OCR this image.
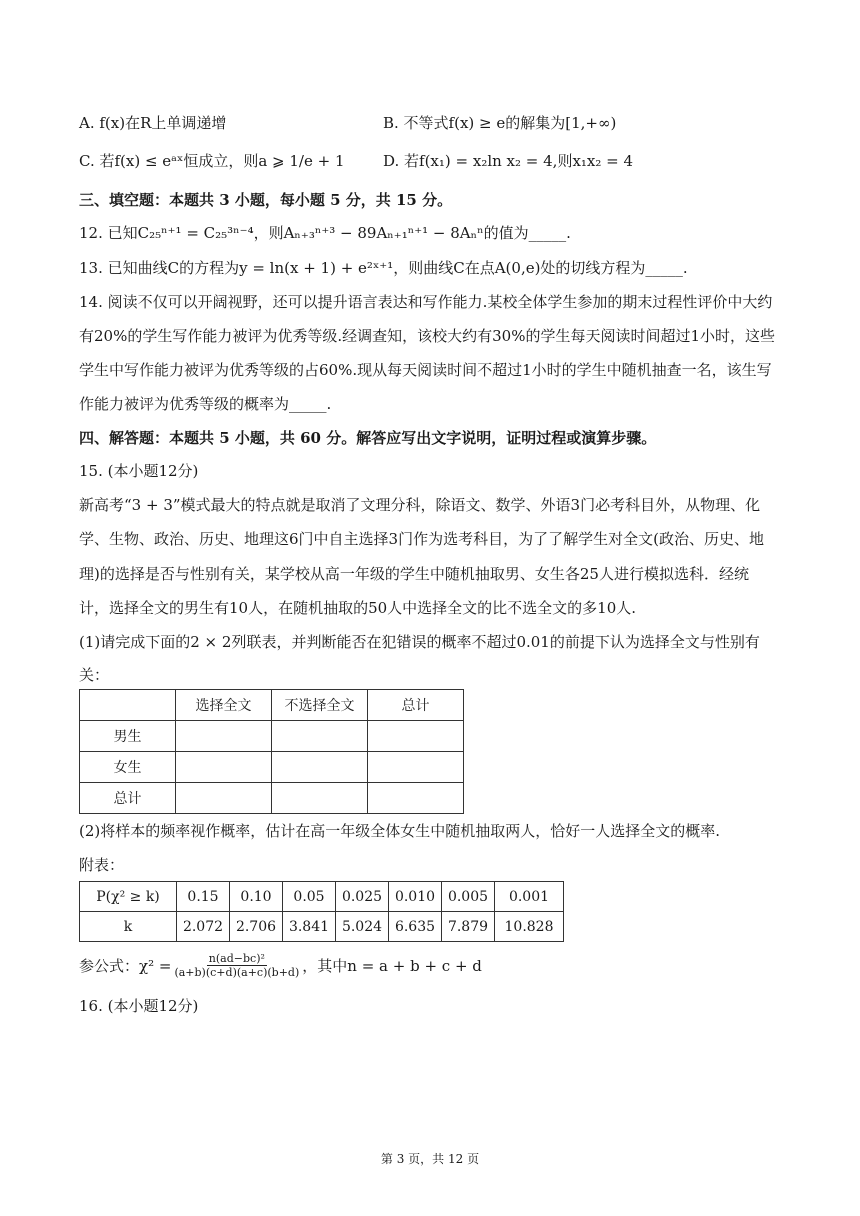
A. f(x)在R上单调递增	B. 不等式f(x) ≥ e的解集为[1,+∞)
C. 若f(x) ≤ eᵃˣ恒成立，则a ⩾ 1/e + 1	D. 若f(x₁) = x₂ln x₂ = 4,则x₁x₂ = 4
三、填空题：本题共 3 小题，每小题 5 分，共 15 分。
12. 已知C₂₅ⁿ⁺¹ = C₂₅³ⁿ⁻⁴，则Aₙ₊₃ⁿ⁺³ − 89Aₙ₊₁ⁿ⁺¹ − 8Aₙⁿ的值为_____.
13. 已知曲线C的方程为y = ln(x + 1) + e²ˣ⁺¹，则曲线C在点A(0,e)处的切线方程为_____.
14. 阅读不仅可以开阔视野，还可以提升语言表达和写作能力.某校全体学生参加的期末过程性评价中大约
有20%的学生写作能力被评为优秀等级.经调查知，该校大约有30%的学生每天阅读时间超过1小时，这些
学生中写作能力被评为优秀等级的占60%.现从每天阅读时间不超过1小时的学生中随机抽查一名，该生写
作能力被评为优秀等级的概率为_____.
四、解答题：本题共 5 小题，共 60 分。解答应写出文字说明，证明过程或演算步骤。
15. (本小题12分)
新高考“3 + 3”模式最大的特点就是取消了文理分科，除语文、数学、外语3门必考科目外，从物理、化
学、生物、政治、历史、地理这6门中自主选择3门作为选考科目，为了了解学生对全文(政治、历史、地
理)的选择是否与性别有关，某学校从高一年级的学生中随机抽取男、女生各25人进行模拟选科．经统
计，选择全文的男生有10人，在随机抽取的50人中选择全文的比不选全文的多10人.
(1)请完成下面的2 × 2列联表，并判断能否在犯错误的概率不超过0.01的前提下认为选择全文与性别有
关：
	选择全文	不选择全文	总计
男生			
女生			
总计			
(2)将样本的频率视作概率，估计在高一年级全体女生中随机抽取两人，恰好一人选择全文的概率.
附表：
P(χ² ≥ k)	0.15	0.10	0.05	0.025	0.010	0.005	0.001
k	2.072	2.706	3.841	5.024	6.635	7.879	10.828
参公式：$\chi^2 = \frac{\text{n(ad−bc)²}}{(a+b)(c+d)(a+c)(b+d)}$ ，其中n = a + b + c + d
16. (本小题12分)
第 3 页，共 12 页
